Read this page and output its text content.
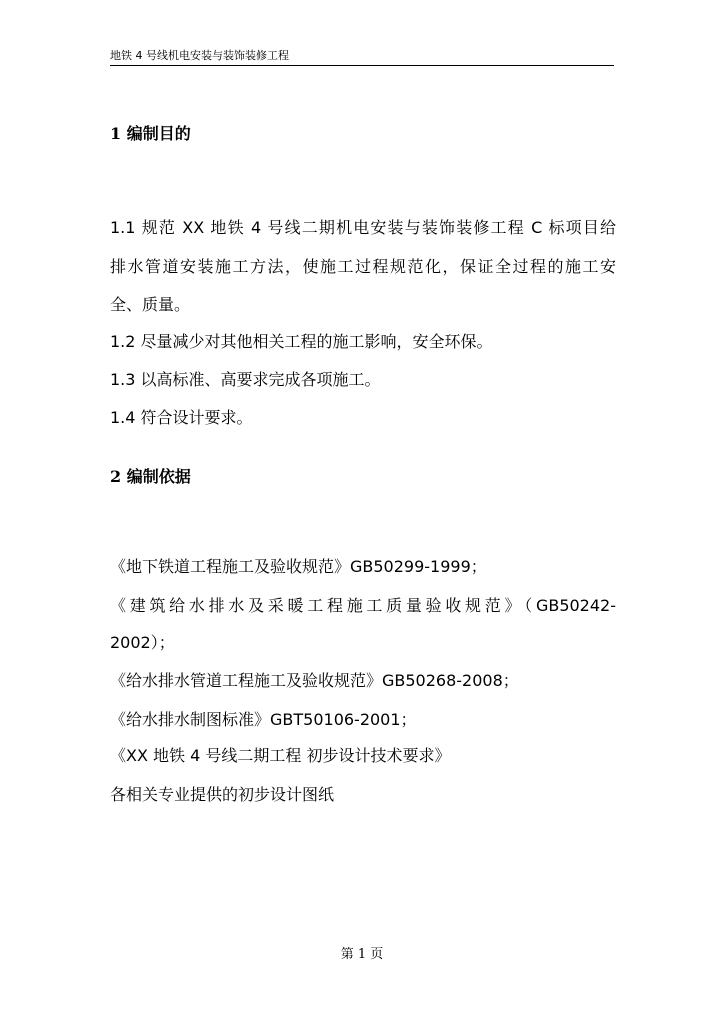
地铁 4 号线机电安装与装饰装修工程
1 编制目的
1.1 规范 XX 地铁 4 号线二期机电安装与装饰装修工程 C 标项目给
排水管道安装施工方法，使施工过程规范化，保证全过程的施工安
全、质量。
1.2 尽量减少对其他相关工程的施工影响，安全环保。
1.3 以高标准、高要求完成各项施工。
1.4 符合设计要求。
2 编制依据
《地下铁道工程施工及验收规范》GB50299-1999；
《建筑给水排水及采暖工程施工质量验收规范》（GB50242-
2002）；
《给水排水管道工程施工及验收规范》GB50268-2008；
《给水排水制图标准》GBT50106-2001；
《XX 地铁 4 号线二期工程 初步设计技术要求》
各相关专业提供的初步设计图纸
第 1 页
